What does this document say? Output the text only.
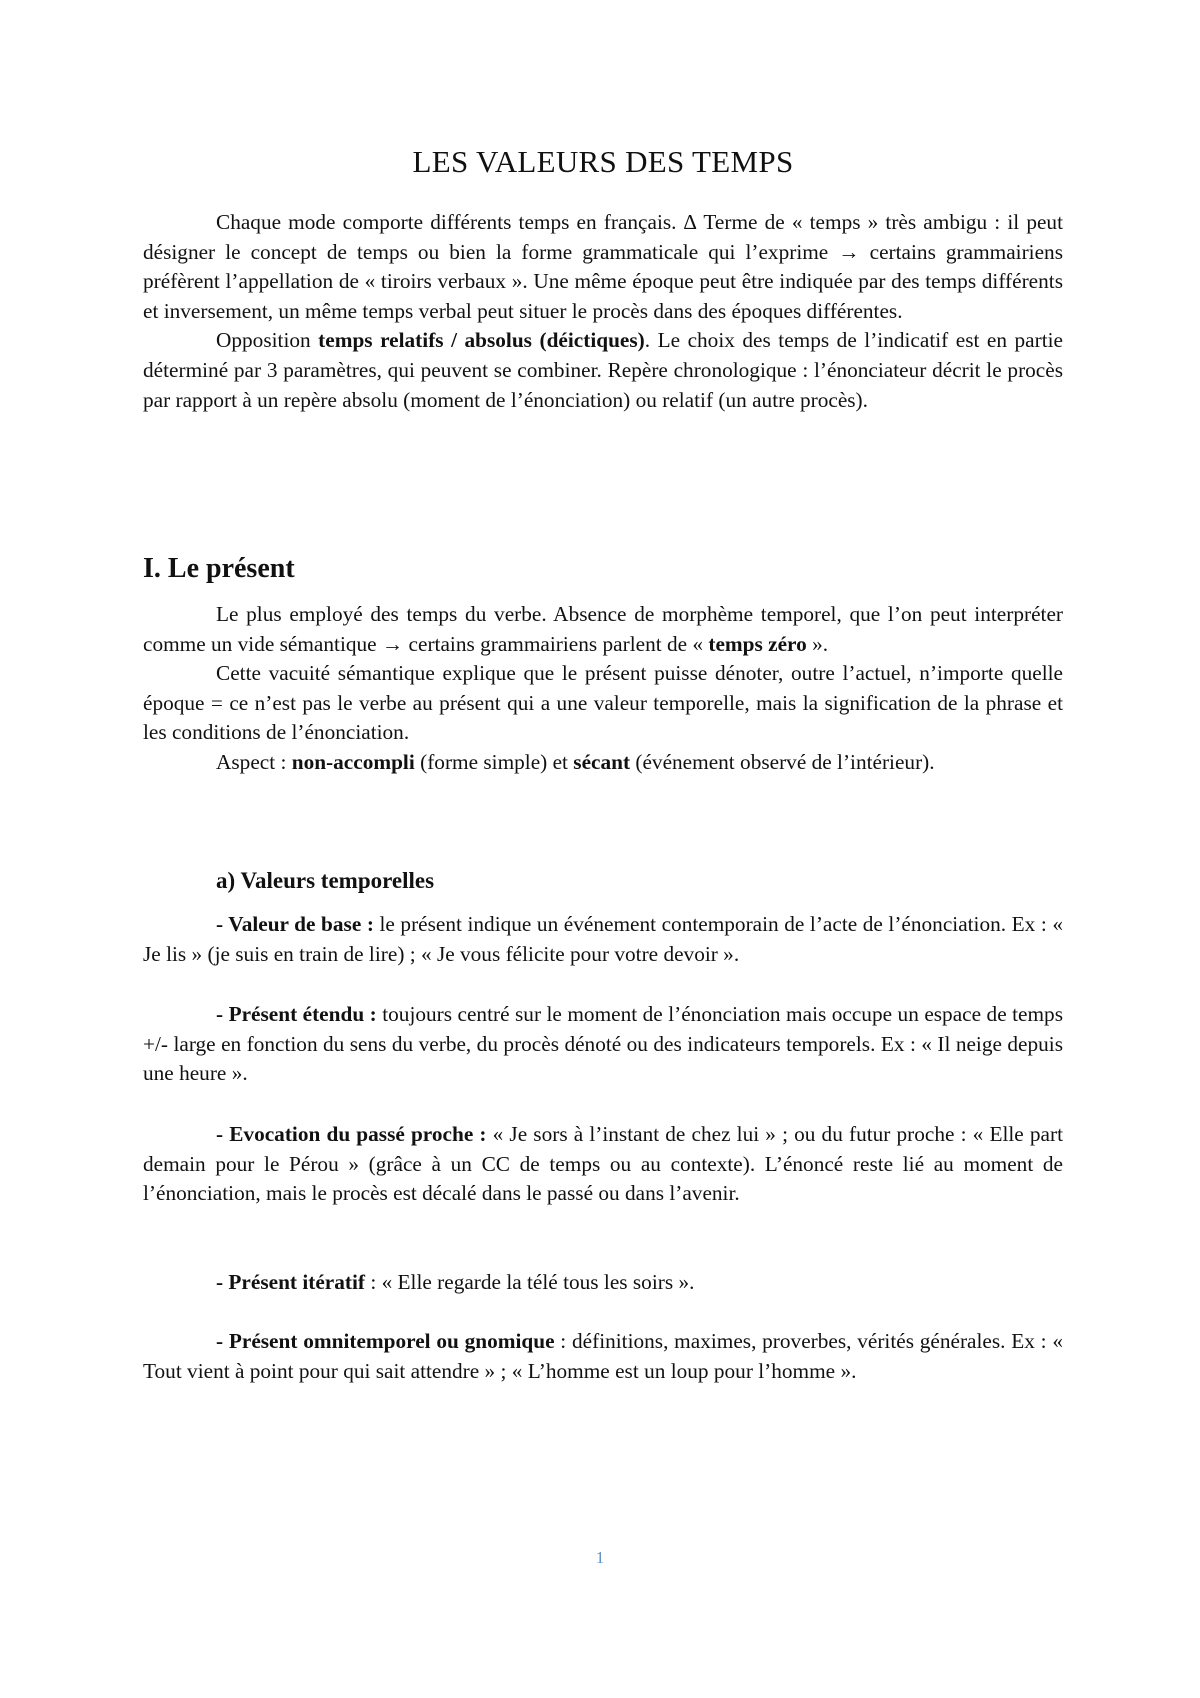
LES VALEURS DES TEMPS

Chaque mode comporte différents temps en français. ∆ Terme de « temps » très ambigu : il peut désigner le concept de temps ou bien la forme grammaticale qui l’exprime → certains grammairiens préfèrent l’appellation de « tiroirs verbaux ». Une même époque peut être indiquée par des temps différents et inversement, un même temps verbal peut situer le procès dans des époques différentes.

Opposition temps relatifs / absolus (déictiques). Le choix des temps de l’indicatif est en partie déterminé par 3 paramètres, qui peuvent se combiner. Repère chronologique : l’énonciateur décrit le procès par rapport à un repère absolu (moment de l’énonciation) ou relatif (un autre procès).

I. Le présent

Le plus employé des temps du verbe. Absence de morphème temporel, que l’on peut interpréter comme un vide sémantique → certains grammairiens parlent de « temps zéro ».

Cette vacuité sémantique explique que le présent puisse dénoter, outre l’actuel, n’importe quelle époque = ce n’est pas le verbe au présent qui a une valeur temporelle, mais la signification de la phrase et les conditions de l’énonciation.

Aspect : non-accompli (forme simple) et sécant (événement observé de l’intérieur).

a) Valeurs temporelles

- Valeur de base : le présent indique un événement contemporain de l’acte de l’énonciation. Ex : « Je lis » (je suis en train de lire) ; « Je vous félicite pour votre devoir ».

- Présent étendu : toujours centré sur le moment de l’énonciation mais occupe un espace de temps +/- large en fonction du sens du verbe, du procès dénoté ou des indicateurs temporels. Ex : « Il neige depuis une heure ».

- Evocation du passé proche : « Je sors à l’instant de chez lui » ; ou du futur proche : « Elle part demain pour le Pérou » (grâce à un CC de temps ou au contexte). L’énoncé reste lié au moment de l’énonciation, mais le procès est décalé dans le passé ou dans l’avenir.

- Présent itératif : « Elle regarde la télé tous les soirs ».

- Présent omnitemporel ou gnomique : définitions, maximes, proverbes, vérités générales. Ex : « Tout vient à point pour qui sait attendre » ; « L’homme est un loup pour l’homme ».

1
